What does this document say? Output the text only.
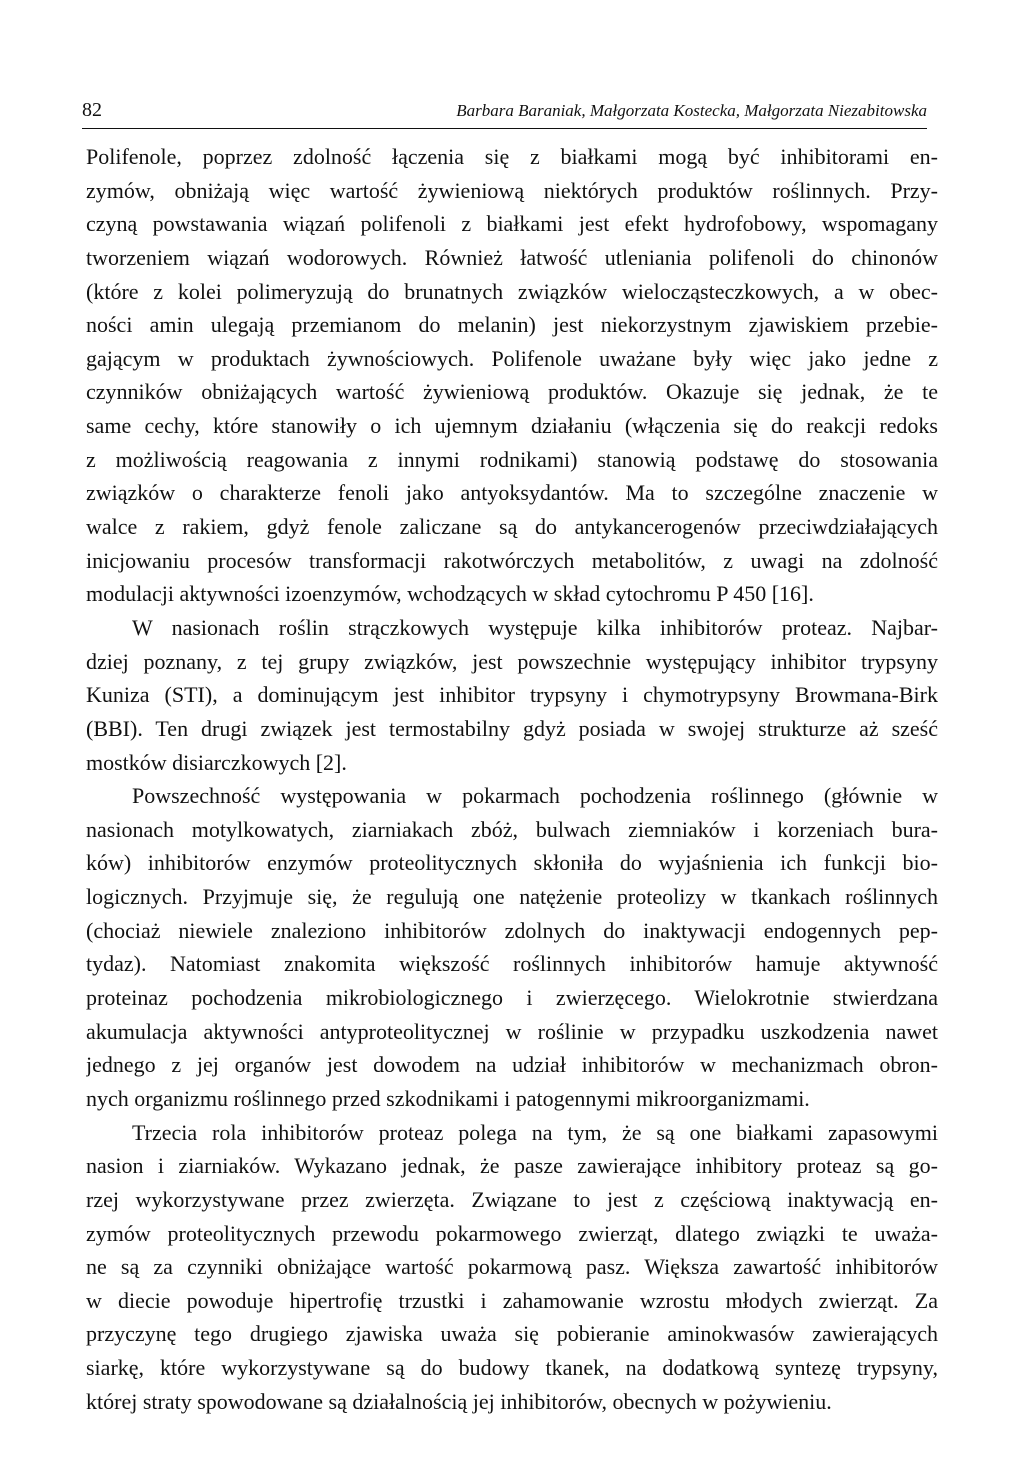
82	Barbara Baraniak, Małgorzata Kostecka, Małgorzata Niezabitowska
Polifenole, poprzez zdolność łączenia się z białkami mogą być inhibitorami en-
zymów, obniżają więc wartość żywieniową niektórych produktów roślinnych. Przy-
czyną powstawania wiązań polifenoli z białkami jest efekt hydrofobowy, wspomagany
tworzeniem wiązań wodorowych. Również łatwość utleniania polifenoli do chinonów
(które z kolei polimeryzują do brunatnych związków wielocząsteczkowych, a w obec-
ności amin ulegają przemianom do melanin) jest niekorzystnym zjawiskiem przebie-
gającym w produktach żywnościowych. Polifenole uważane były więc jako jedne z
czynników obniżających wartość żywieniową produktów. Okazuje się jednak, że te
same cechy, które stanowiły o ich ujemnym działaniu (włączenia się do reakcji redoks
z możliwością reagowania z innymi rodnikami) stanowią podstawę do stosowania
związków o charakterze fenoli jako antyoksydantów. Ma to szczególne znaczenie w
walce z rakiem, gdyż fenole zaliczane są do antykancerogenów przeciwdziałających
inicjowaniu procesów transformacji rakotwórczych metabolitów, z uwagi na zdolność
modulacji aktywności izoenzymów, wchodzących w skład cytochromu P 450 [16].
W nasionach roślin strączkowych występuje kilka inhibitorów proteaz. Najbar-
dziej poznany, z tej grupy związków, jest powszechnie występujący inhibitor trypsyny
Kuniza (STI), a dominującym jest inhibitor trypsyny i chymotrypsyny Browmana-Birk
(BBI). Ten drugi związek jest termostabilny gdyż posiada w swojej strukturze aż sześć
mostków disiarczkowych [2].
Powszechność występowania w pokarmach pochodzenia roślinnego (głównie w
nasionach motylkowatych, ziarniakach zbóż, bulwach ziemniaków i korzeniach bura-
ków) inhibitorów enzymów proteolitycznych skłoniła do wyjaśnienia ich funkcji bio-
logicznych. Przyjmuje się, że regulują one natężenie proteolizy w tkankach roślinnych
(chociaż niewiele znaleziono inhibitorów zdolnych do inaktywacji endogennych pep-
tydaz). Natomiast znakomita większość roślinnych inhibitorów hamuje aktywność
proteinaz pochodzenia mikrobiologicznego i zwierzęcego. Wielokrotnie stwierdzana
akumulacja aktywności antyproteolitycznej w roślinie w przypadku uszkodzenia nawet
jednego z jej organów jest dowodem na udział inhibitorów w mechanizmach obron-
nych organizmu roślinnego przed szkodnikami i patogennymi mikroorganizmami.
Trzecia rola inhibitorów proteaz polega na tym, że są one białkami zapasowymi
nasion i ziarniaków. Wykazano jednak, że pasze zawierające inhibitory proteaz są go-
rzej wykorzystywane przez zwierzęta. Związane to jest z częściową inaktywacją en-
zymów proteolitycznych przewodu pokarmowego zwierząt, dlatego związki te uważa-
ne są za czynniki obniżające wartość pokarmową pasz. Większa zawartość inhibitorów
w diecie powoduje hipertrofię trzustki i zahamowanie wzrostu młodych zwierząt. Za
przyczynę tego drugiego zjawiska uważa się pobieranie aminokwasów zawierających
siarkę, które wykorzystywane są do budowy tkanek, na dodatkową syntezę trypsyny,
której straty spowodowane są działalnością jej inhibitorów, obecnych w pożywieniu.
